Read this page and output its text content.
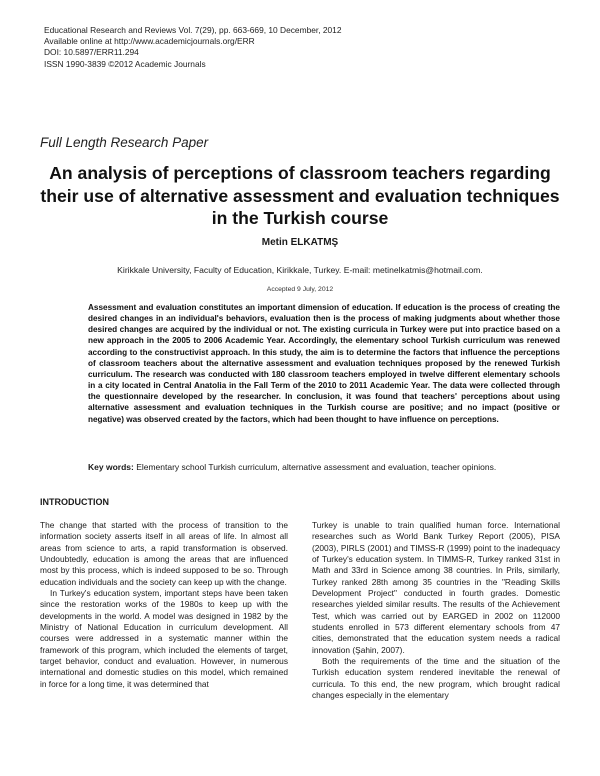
Educational Research and Reviews Vol. 7(29), pp. 663-669, 10 December, 2012
Available online at http://www.academicjournals.org/ERR
DOI: 10.5897/ERR11.294
ISSN 1990-3839 ©2012 Academic Journals
Full Length Research Paper
An analysis of perceptions of classroom teachers regarding their use of alternative assessment and evaluation techniques in the Turkish course
Metin ELKATMŞ
Kirikkale University, Faculty of Education, Kirikkale, Turkey. E-mail: metinelkatmis@hotmail.com.
Accepted 9 July, 2012

Assessment and evaluation constitutes an important dimension of education. If education is the process of creating the desired changes in an individual's behaviors, evaluation then is the process of making judgments about whether those desired changes are acquired by the individual or not. The existing curricula in Turkey were put into practice based on a new approach in the 2005 to 2006 Academic Year. Accordingly, the elementary school Turkish curriculum was renewed according to the constructivist approach. In this study, the aim is to determine the factors that influence the perceptions of classroom teachers about the alternative assessment and evaluation techniques proposed by the renewed Turkish curriculum. The research was conducted with 180 classroom teachers employed in twelve different elementary schools in a city located in Central Anatolia in the Fall Term of the 2010 to 2011 Academic Year. The data were collected through the questionnaire developed by the researcher. In conclusion, it was found that teachers' perceptions about using alternative assessment and evaluation techniques in the Turkish course are positive; and no impact (positive or negative) was observed created by the factors, which had been thought to have influence on perceptions.

Key words: Elementary school Turkish curriculum, alternative assessment and evaluation, teacher opinions.

INTRODUCTION

The change that started with the process of transition to the information society asserts itself in all areas of life. In almost all areas from science to arts, a rapid transformation is observed. Undoubtedly, education is among the areas that are influenced most by this process, which is indeed supposed to be so. Through education individuals and the society can keep up with the change.

In Turkey's education system, important steps have been taken since the restoration works of the 1980s to keep up with the developments in the world. A model was designed in 1982 by the Ministry of National Education in curriculum development. All courses were addressed in a systematic manner within the framework of this program, which included the elements of target, target behavior, conduct and evaluation. However, in numerous international and domestic studies on this model, which remained in force for a long time, it was determined that

Turkey is unable to train qualified human force. International researches such as World Bank Turkey Report (2005), PISA (2003), PIRLS (2001) and TIMSS-R (1999) point to the inadequacy of Turkey's education system. In TIMMS-R, Turkey ranked 31st in Math and 33rd in Science among 38 countries. In Prils, similarly, Turkey ranked 28th among 35 countries in the "Reading Skills Development Project" conducted in fourth grades. Domestic researches yielded similar results. The results of the Achievement Test, which was carried out by EARGED in 2002 on 112000 students enrolled in 573 different elementary schools from 47 cities, demonstrated that the education system needs a radical innovation (Şahin, 2007).

Both the requirements of the time and the situation of the Turkish education system rendered inevitable the renewal of curricula. To this end, the new program, which brought radical changes especially in the elementary
